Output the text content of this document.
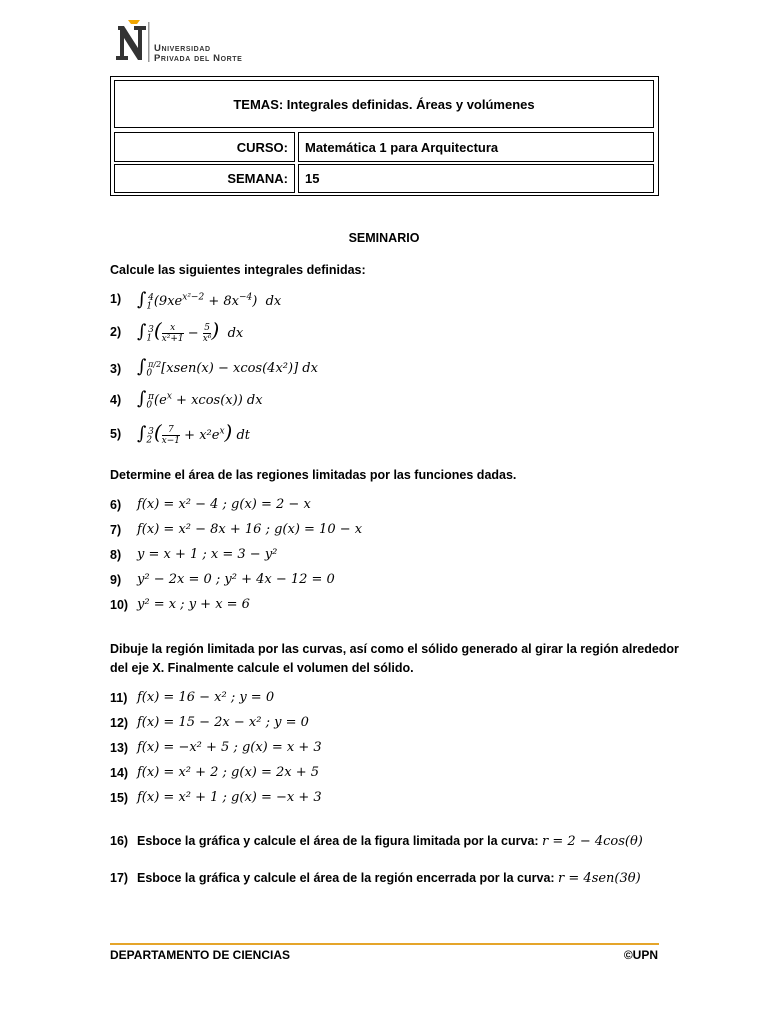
Universidad
Privada del Norte
TEMAS: Integrales definidas. Áreas y volúmenes
CURSO:	Matemática 1 para Arquitectura
SEMANA:	15
SEMINARIO
Calcule las siguientes integrales definidas:
1) $\int_1^4(9xe^{x^2-2} + 8x^{-4})$  dx
2) $\int_1^3( \frac{x}{\text{x²+1}} - \frac{5}{\text{x⁶}}$ ) dx
3) $\int_0^{\pi/2}[xsen(x) - xcos(4x^2)]$ dx
4) $\int_0^\pi(e^x + xcos(x))$ dx
5) $\int_2^3( \frac{7}{x-1} + x^2e^x)$ dt
Determine el área de las regiones limitadas por las funciones dadas.
6) f(x) = x² − 4 ; g(x) = 2 − x
7) f(x) = x² − 8x + 16 ; g(x) = 10 − x
8) y = x + 1 ; x = 3 − y²
9) y² − 2x = 0 ; y² + 4x − 12 = 0
10) y² = x ; y + x = 6
Dibuje la región limitada por las curvas, así como el sólido generado al girar la región alrededor
del eje X. Finalmente calcule el volumen del sólido.
11) f(x) = 16 − x² ; y = 0
12) f(x) = 15 − 2x − x² ; y = 0
13) f(x) = −x² + 5 ; g(x) = x + 3
14) f(x) = x² + 2 ; g(x) = 2x + 5
15) f(x) = x² + 1 ; g(x) = −x + 3
16) Esboce la gráfica y calcule el área de la figura limitada por la curva: r = 2 − 4cos(θ)
17) Esboce la gráfica y calcule el área de la región encerrada por la curva: r = 4sen(3θ)
DEPARTAMENTO DE CIENCIAS	©UPN
